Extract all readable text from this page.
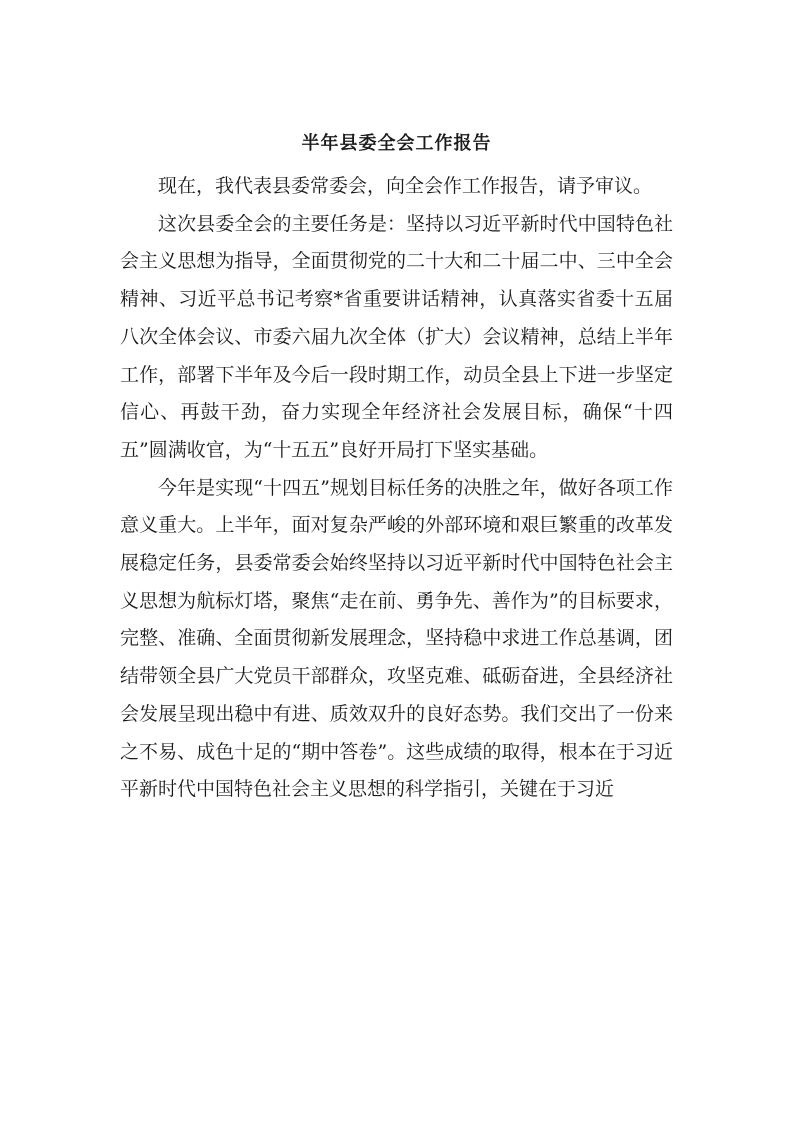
半年县委全会工作报告

现在，我代表县委常委会，向全会作工作报告，请予审议。

这次县委全会的主要任务是：坚持以习近平新时代中国特色社会主义思想为指导，全面贯彻党的二十大和二十届二中、三中全会精神、习近平总书记考察*省重要讲话精神，认真落实省委十五届八次全体会议、市委六届九次全体（扩大）会议精神，总结上半年工作，部署下半年及今后一段时期工作，动员全县上下进一步坚定信心、再鼓干劲，奋力实现全年经济社会发展目标，确保“十四五”圆满收官，为“十五五”良好开局打下坚实基础。

今年是实现“十四五”规划目标任务的决胜之年，做好各项工作意义重大。上半年，面对复杂严峻的外部环境和艰巨繁重的改革发展稳定任务，县委常委会始终坚持以习近平新时代中国特色社会主义思想为航标灯塔，聚焦“走在前、勇争先、善作为”的目标要求，完整、准确、全面贯彻新发展理念，坚持稳中求进工作总基调，团结带领全县广大党员干部群众，攻坚克难、砥砺奋进，全县经济社会发展呈现出稳中有进、质效双升的良好态势。我们交出了一份来之不易、成色十足的“期中答卷”。这些成绩的取得，根本在于习近平新时代中国特色社会主义思想的科学指引，关键在于习近
